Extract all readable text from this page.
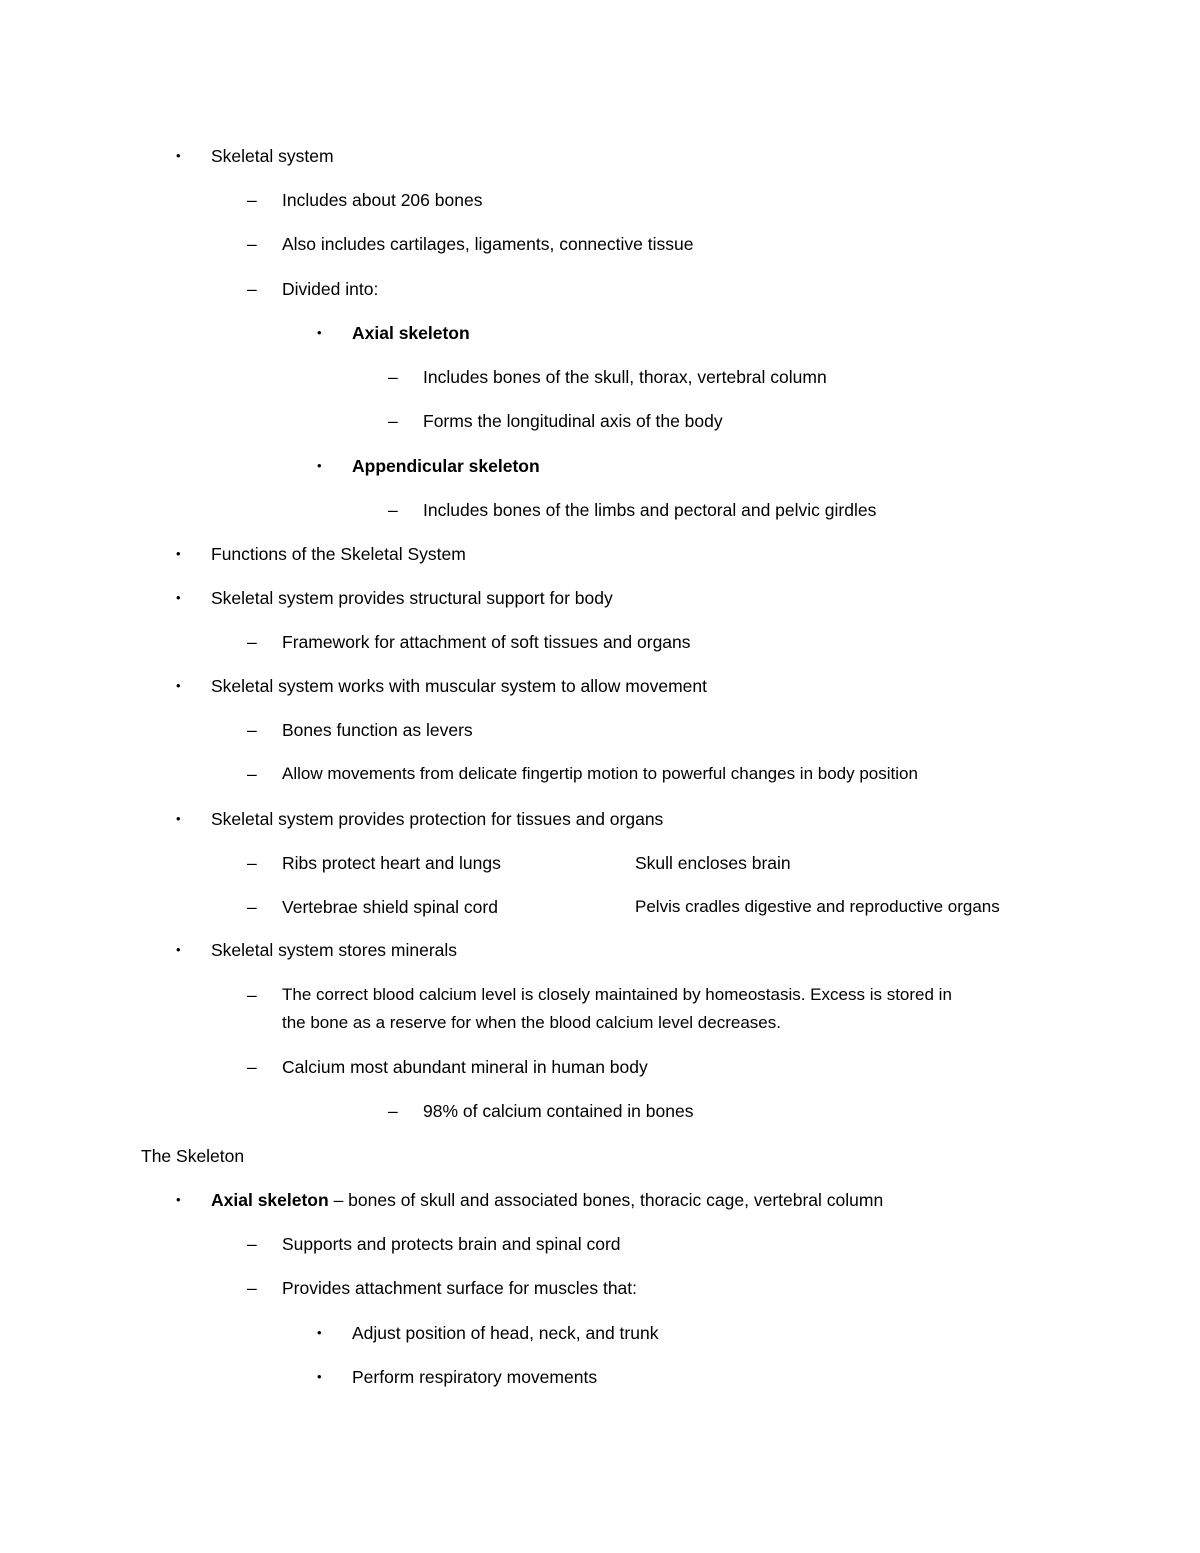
• Skeletal system
– Includes about 206 bones
– Also includes cartilages, ligaments, connective tissue
– Divided into:
• Axial skeleton
– Includes bones of the skull, thorax, vertebral column
– Forms the longitudinal axis of the body
• Appendicular skeleton
– Includes bones of the limbs and pectoral and pelvic girdles
• Functions of the Skeletal System
• Skeletal system provides structural support for body
– Framework for attachment of soft tissues and organs
• Skeletal system works with muscular system to allow movement
– Bones function as levers
– Allow movements from delicate fingertip motion to powerful changes in body position
• Skeletal system provides protection for tissues and organs
– Ribs protect heart and lungs	Skull encloses brain
– Vertebrae shield spinal cord	Pelvis cradles digestive and reproductive organs
• Skeletal system stores minerals
– The correct blood calcium level is closely maintained by homeostasis. Excess is stored in
the bone as a reserve for when the blood calcium level decreases.
– Calcium most abundant mineral in human body
– 98% of calcium contained in bones
The Skeleton
• Axial skeleton – bones of skull and associated bones, thoracic cage, vertebral column
– Supports and protects brain and spinal cord
– Provides attachment surface for muscles that:
• Adjust position of head, neck, and trunk
• Perform respiratory movements
